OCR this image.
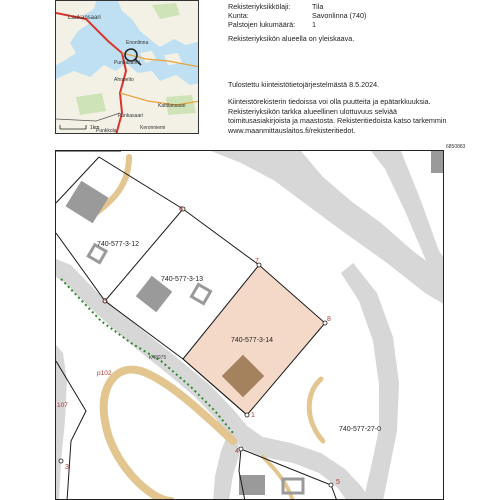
Laukansaari
Enonlinna
Punkasalmi
Ahopelto
Kattilansaari
Punkasaari
Keronniemi
Punkkola
1km
Rekisteriyksikkölaji:	Tila
Kunta:	Savonlinna (740)
Palstojen lukumäärä: 1
Rekisteriyksikön alueella on yleiskaava.
Tulostettu kiinteistötietojärjestelmästä 8.5.2024.
Kiinteistörekisterin tiedoissa voi olla puutteita ja epätarkkuuksia.
Rekisteriyksikön tarkka alueellinen ulottuvuus selviää
toimitusasiakirjoista ja maastosta. Rekisteritiedoista katso tarkemmin
www.maanmittauslaitos.fi/rekisteritiedot.
6850883
3
6
7
8
1
4
5
p102
107
3
740-577-3-12
740-577-3-13
740-577-3-14
740-577-27-0
K48975
